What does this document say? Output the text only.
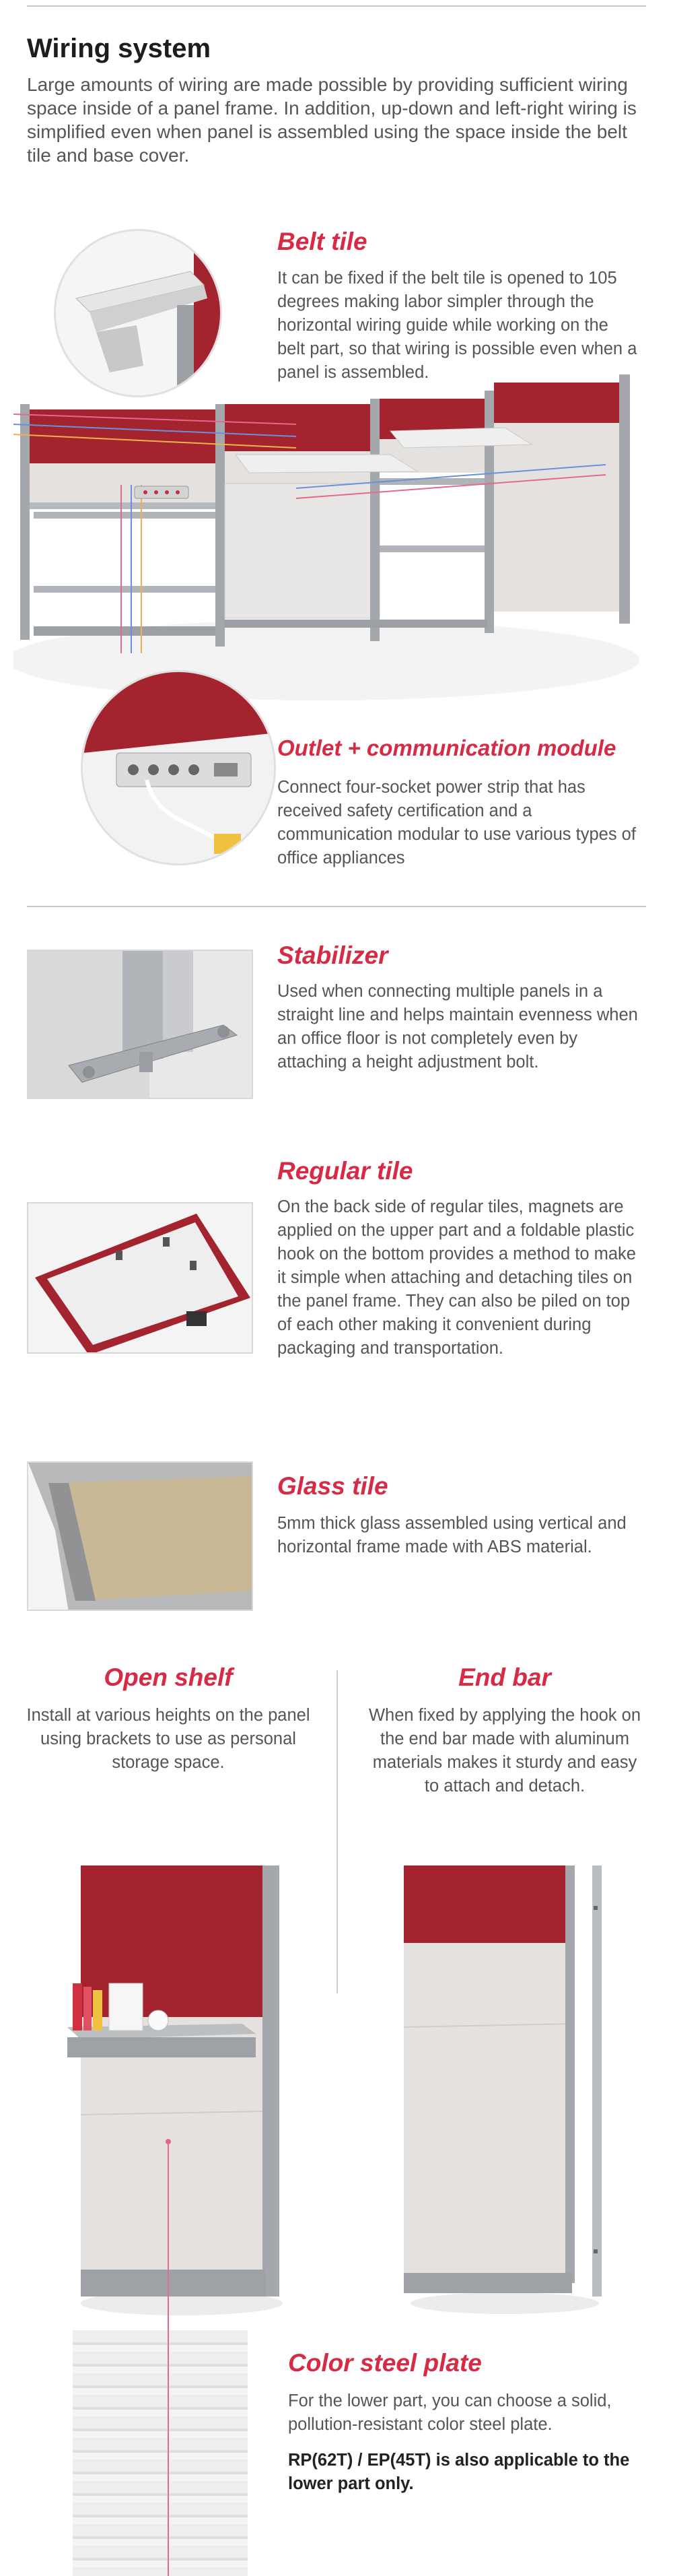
Wiring system

Large amounts of wiring are made possible by providing sufficient wiring space inside of a panel frame. In addition, up-down and left-right wiring is simplified even when panel is assembled using the space inside the belt tile and base cover.

Belt tile

It can be fixed if the belt tile is opened to 105 degrees making labor simpler through the horizontal wiring guide while working on the belt part, so that wiring is possible even when a panel is assembled.

Outlet + communication module

Connect four-socket power strip that has received safety certification and a communication modular to use various types of office appliances

Stabilizer

Used when connecting multiple panels in a straight line and helps maintain evenness when an office floor is not completely even by attaching a height adjustment bolt.

Regular tile

On the back side of regular tiles, magnets are applied on the upper part and a foldable plastic hook on the bottom provides a method to make it simple when attaching and detaching tiles on the panel frame. They can also be piled on top of each other making it convenient during packaging and transportation.

Glass tile

5mm thick glass assembled using vertical and horizontal frame made with ABS material.

Open shelf

Install at various heights on the panel using brackets to use as personal storage space.

End bar

When fixed by applying the hook on the end bar made with aluminum materials makes it sturdy and easy to attach and detach.

Color steel plate

For the lower part, you can choose a solid, pollution-resistant color steel plate.

RP(62T) / EP(45T) is also applicable to the lower part only.
